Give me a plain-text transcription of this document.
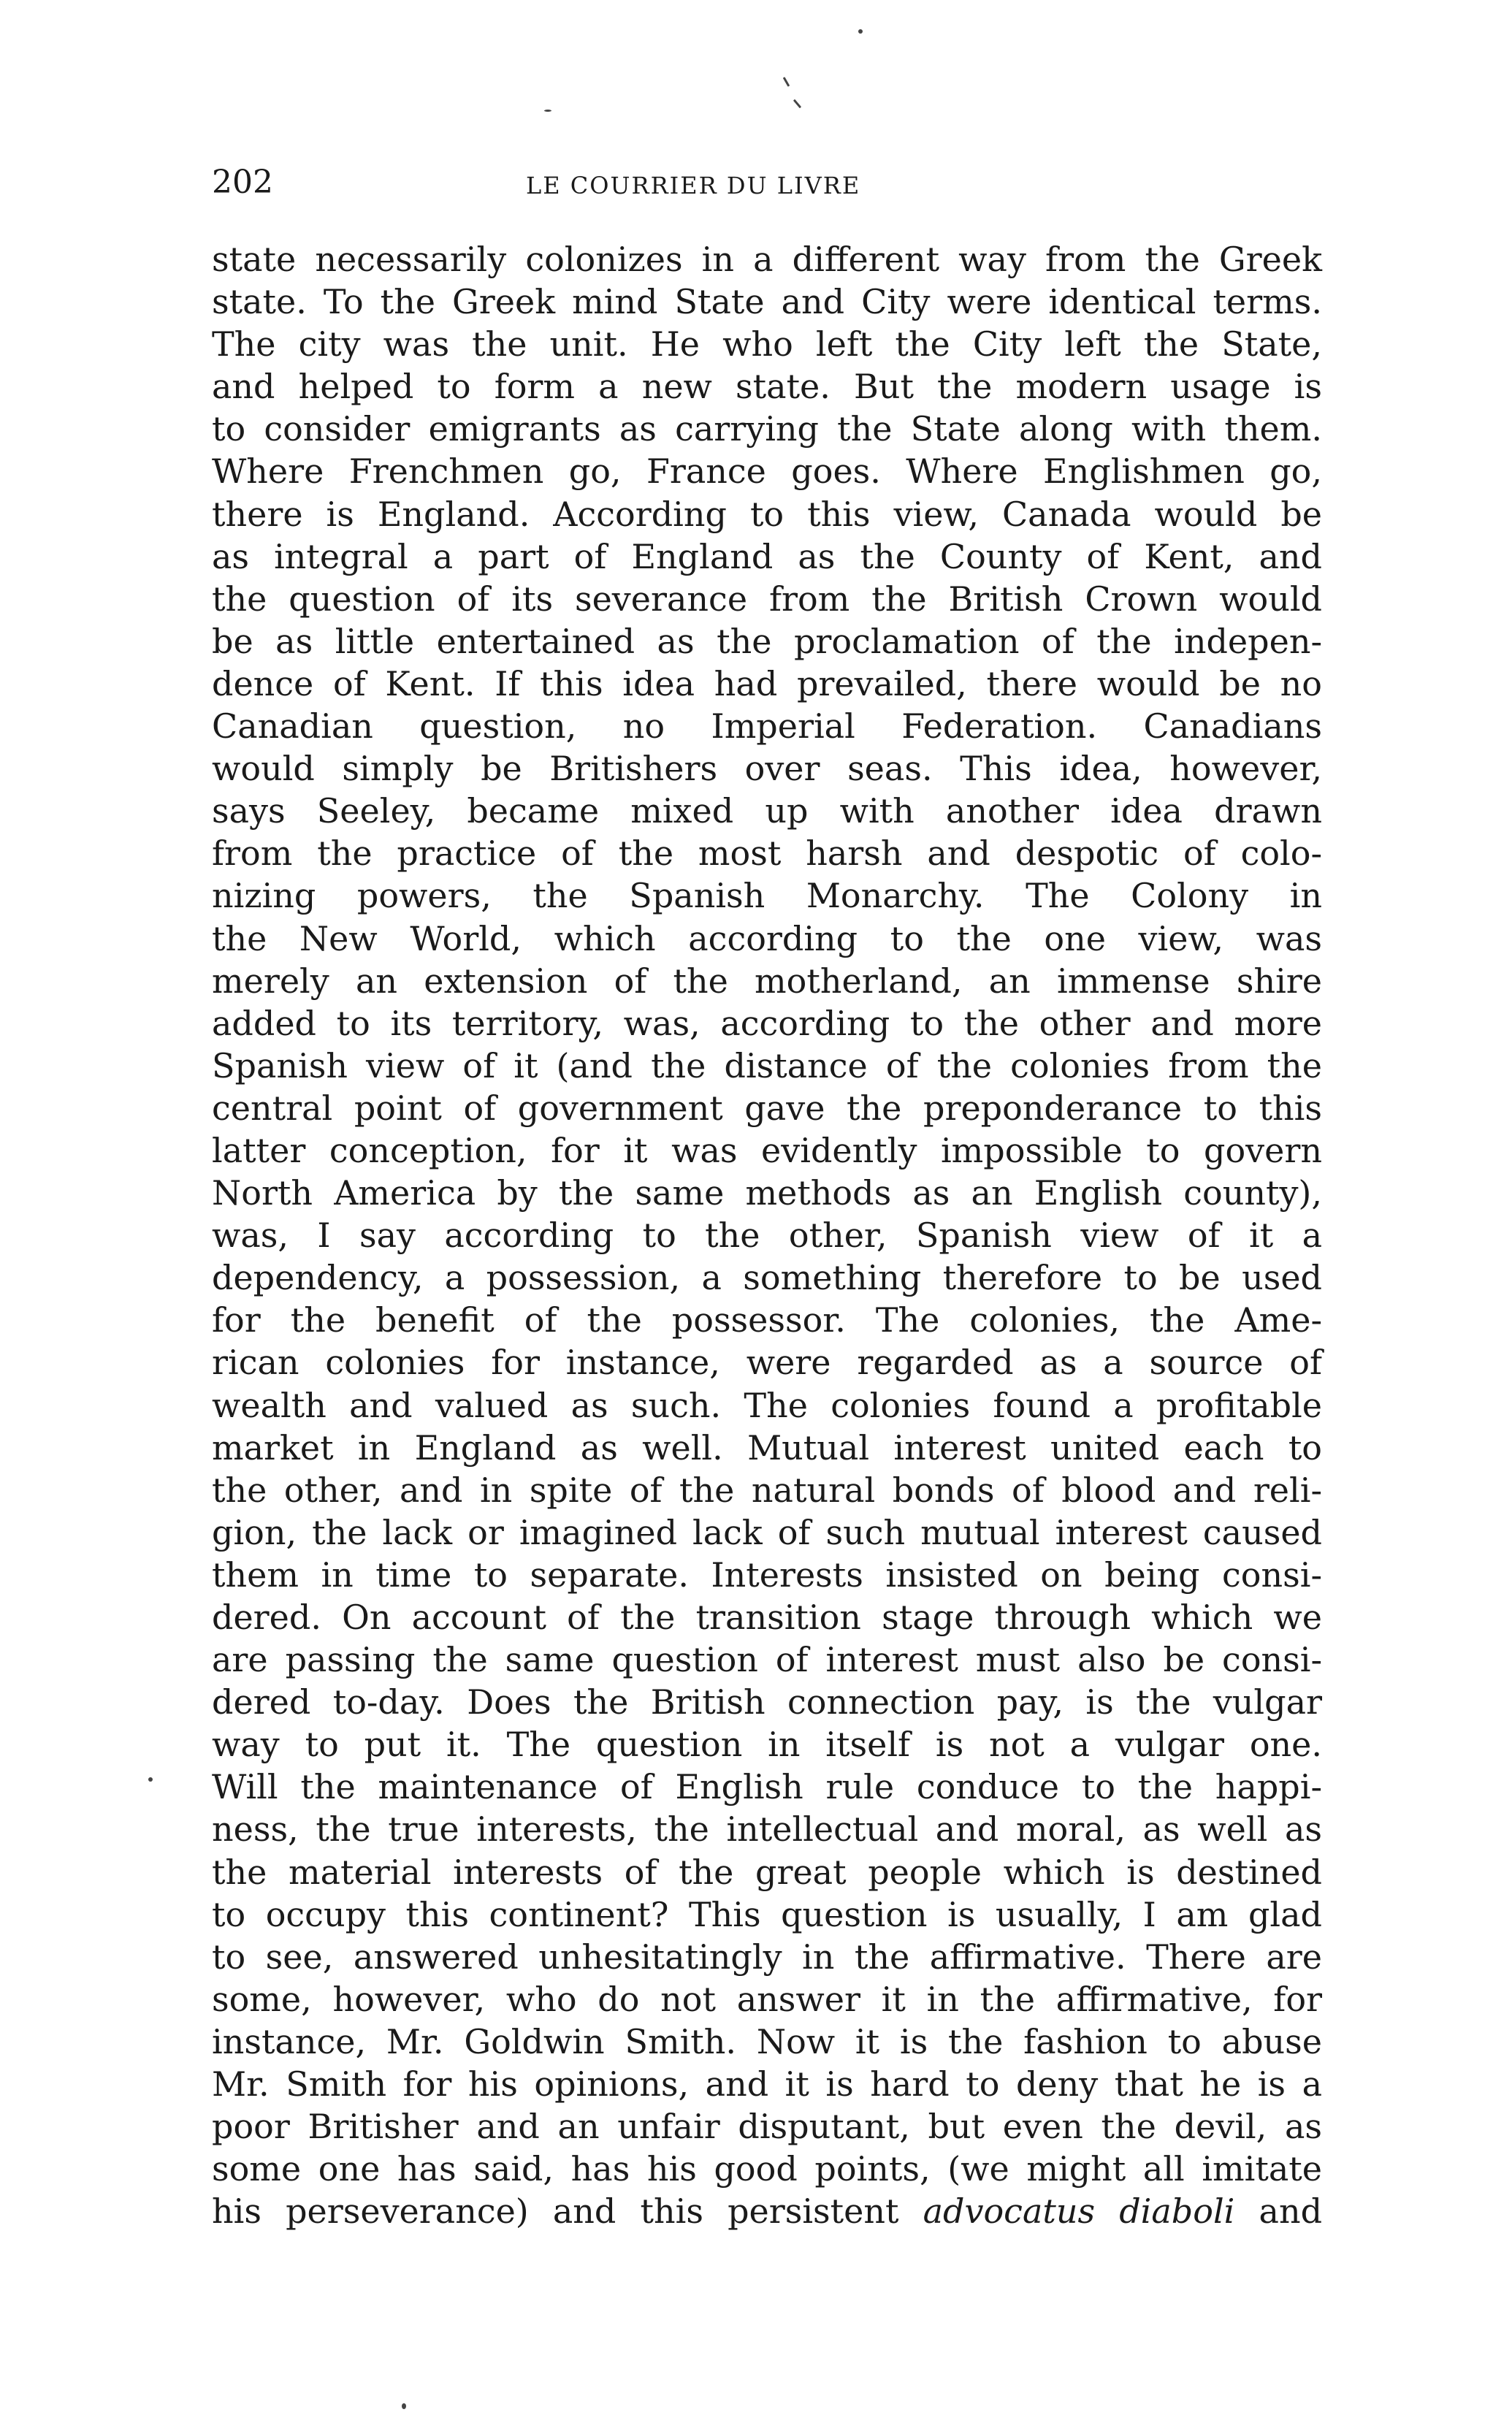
202	LE COURRIER DU LIVRE
state necessarily colonizes in a different way from the Greek
state. To the Greek mind State and City were identical terms.
The city was the unit. He who left the City left the State,
and helped to form a new state. But the modern usage is
to consider emigrants as carrying the State along with them.
Where Frenchmen go, France goes. Where Englishmen go,
there is England. According to this view, Canada would be
as integral a part of England as the County of Kent, and
the question of its severance from the British Crown would
be as little entertained as the proclamation of the indepen-
dence of Kent. If this idea had prevailed, there would be no
Canadian question, no Imperial Federation. Canadians
would simply be Britishers over seas. This idea, however,
says Seeley, became mixed up with another idea drawn
from the practice of the most harsh and despotic of colo-
nizing powers, the Spanish Monarchy. The Colony in
the New World, which according to the one view, was
merely an extension of the motherland, an immense shire
added to its territory, was, according to the other and more
Spanish view of it (and the distance of the colonies from the
central point of government gave the preponderance to this
latter conception, for it was evidently impossible to govern
North America by the same methods as an English county),
was, I say according to the other, Spanish view of it a
dependency, a possession, a something therefore to be used
for the benefit of the possessor. The colonies, the Ame-
rican colonies for instance, were regarded as a source of
wealth and valued as such. The colonies found a profitable
market in England as well. Mutual interest united each to
the other, and in spite of the natural bonds of blood and reli-
gion, the lack or imagined lack of such mutual interest caused
them in time to separate. Interests insisted on being consi-
dered. On account of the transition stage through which we
are passing the same question of interest must also be consi-
dered to-day. Does the British connection pay, is the vulgar
way to put it. The question in itself is not a vulgar one.
Will the maintenance of English rule conduce to the happi-
ness, the true interests, the intellectual and moral, as well as
the material interests of the great people which is destined
to occupy this continent? This question is usually, I am glad
to see, answered unhesitatingly in the affirmative. There are
some, however, who do not answer it in the affirmative, for
instance, Mr. Goldwin Smith. Now it is the fashion to abuse
Mr. Smith for his opinions, and it is hard to deny that he is a
poor Britisher and an unfair disputant, but even the devil, as
some one has said, has his good points, (we might all imitate
his perseverance) and this persistent advocatus diaboli and
